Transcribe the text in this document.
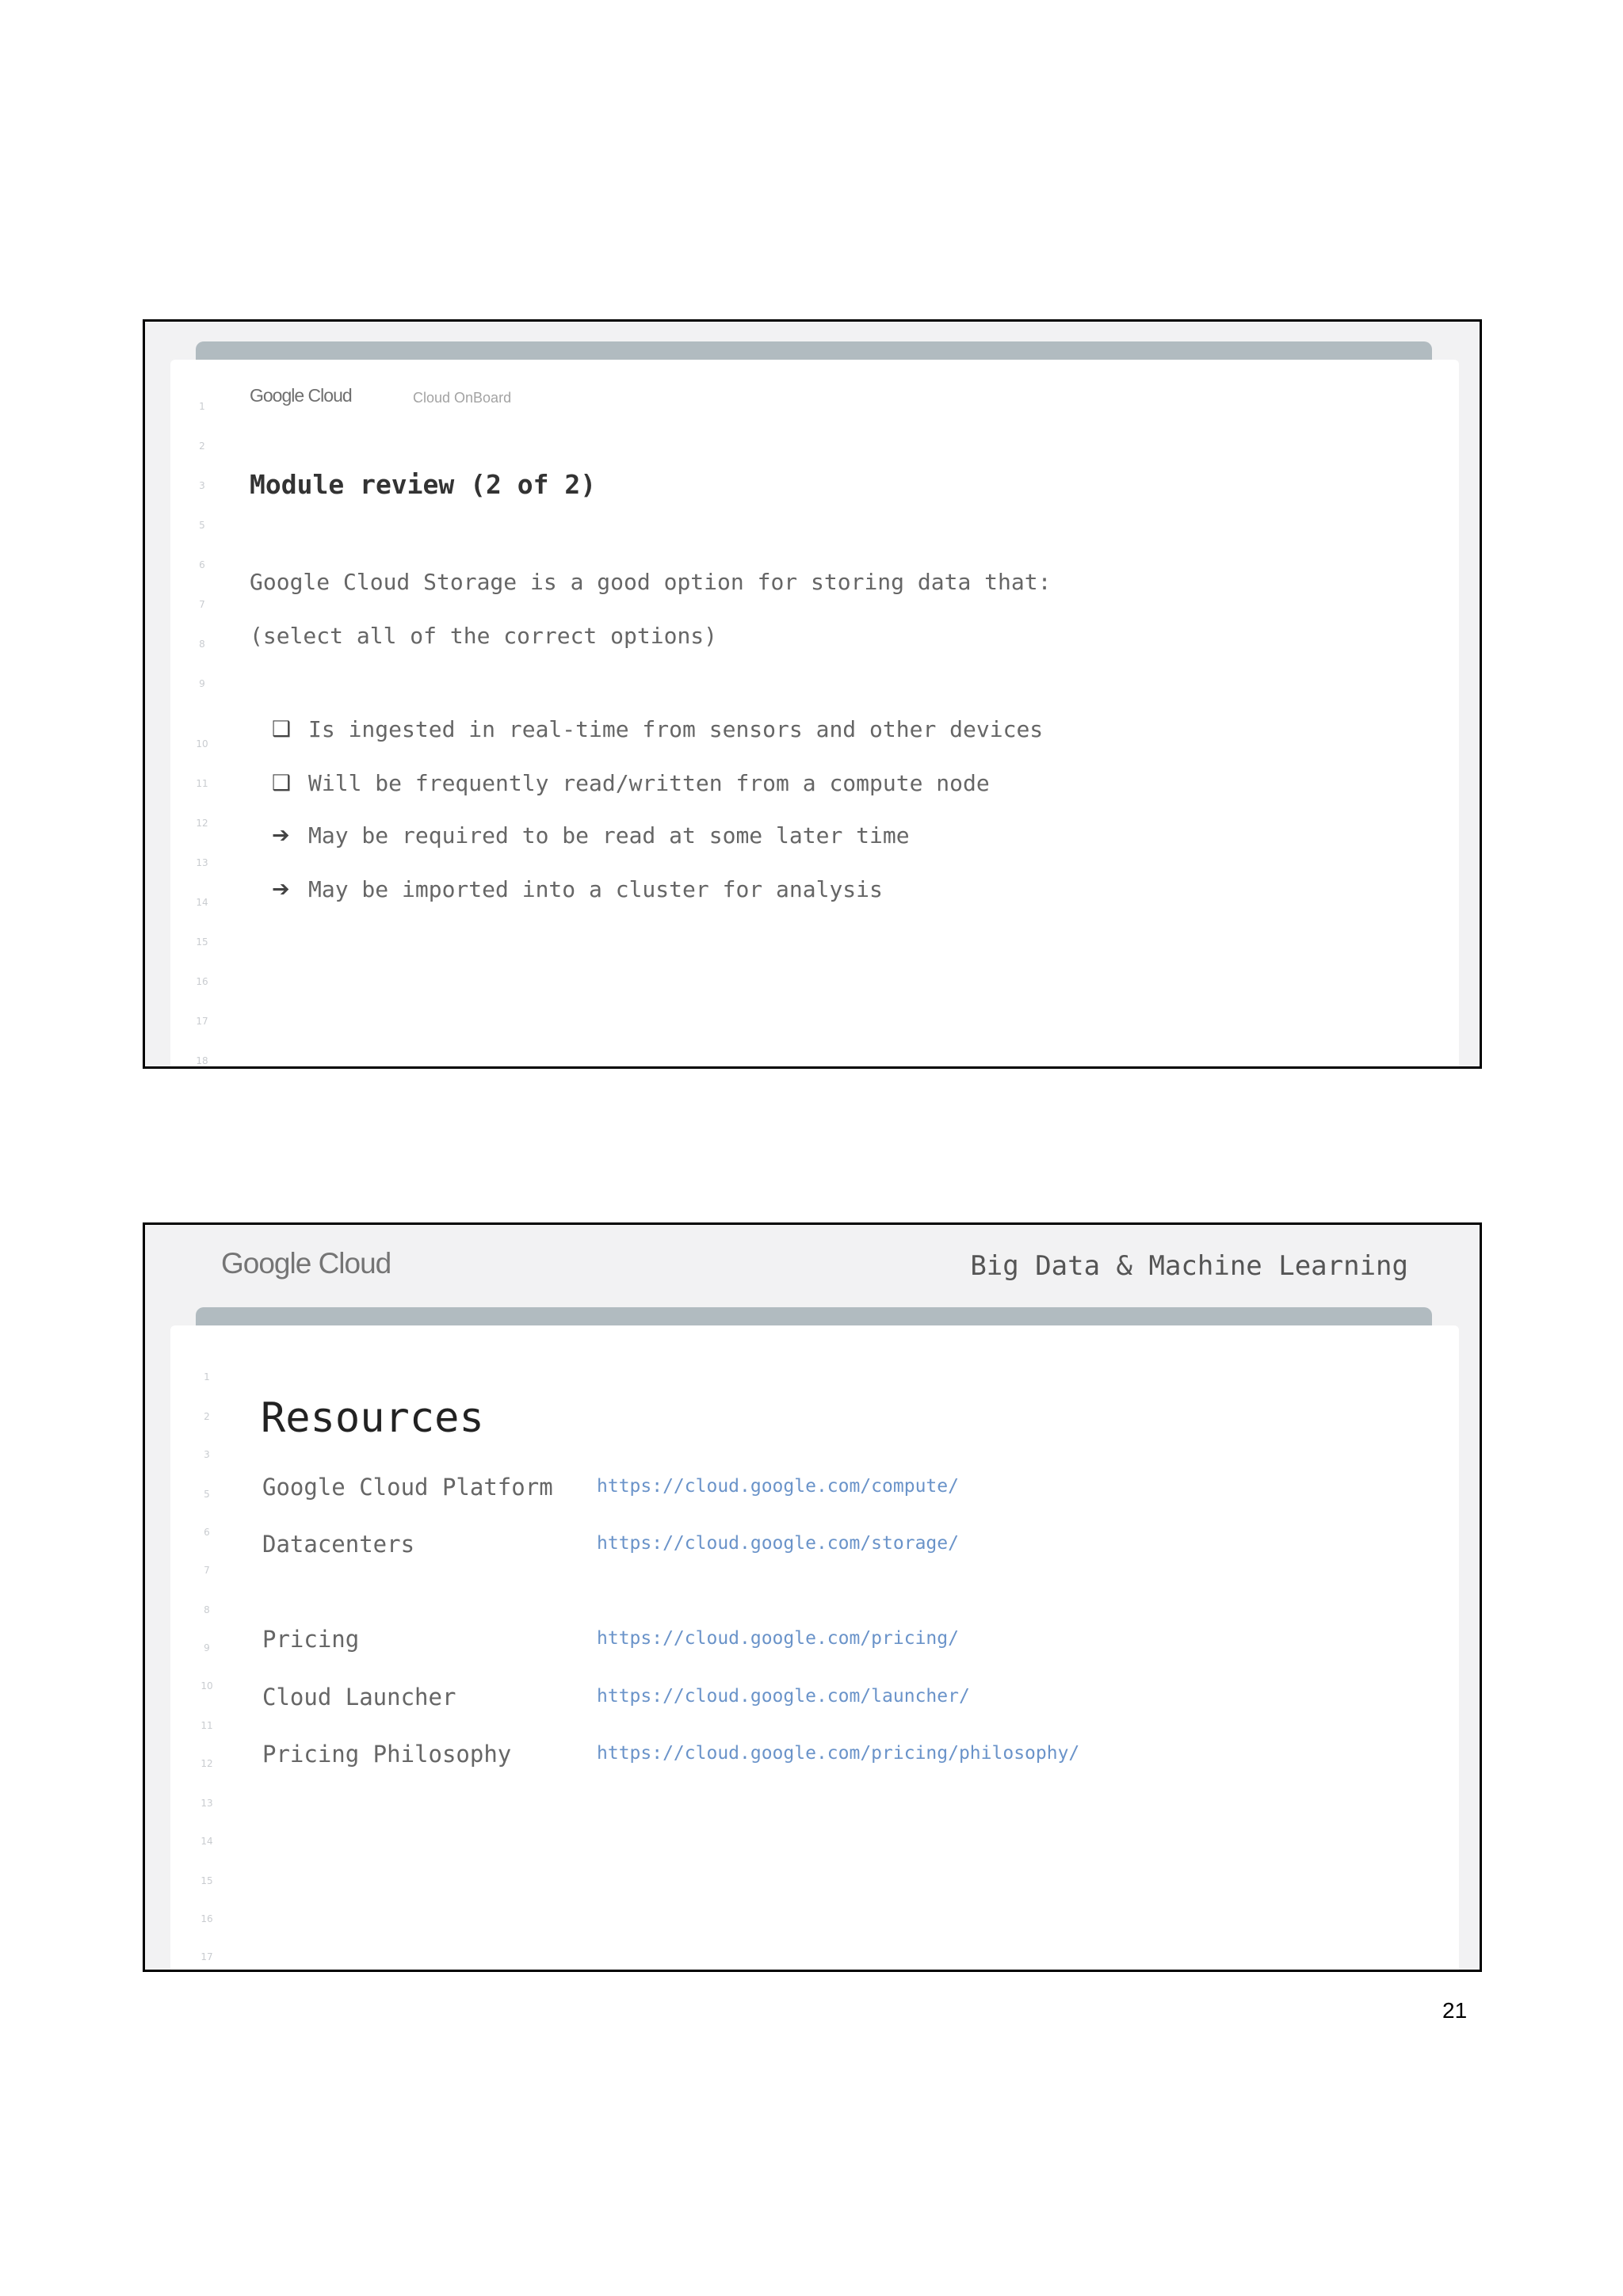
1
2
3
5
6
7
8
9
10
11
12
13
14
15
16
17
18
Google Cloud	Cloud OnBoard
Module review (2 of 2)
Google Cloud Storage is a good option for storing data that:
(select all of the correct options)
❑ Is ingested in real-time from sensors and other devices
❑ Will be frequently read/written from a compute node
➔ May be required to be read at some later time
➔ May be imported into a cluster for analysis
Google Cloud	Big Data & Machine Learning
1
2
3
5
6
7
8
9
10
11
12
13
14
15
16
17
Resources
Google Cloud Platform https://cloud.google.com/compute/
Datacenters	https://cloud.google.com/storage/
Pricing	https://cloud.google.com/pricing/
Cloud Launcher	https://cloud.google.com/launcher/
Pricing Philosophy	https://cloud.google.com/pricing/philosophy/
21
